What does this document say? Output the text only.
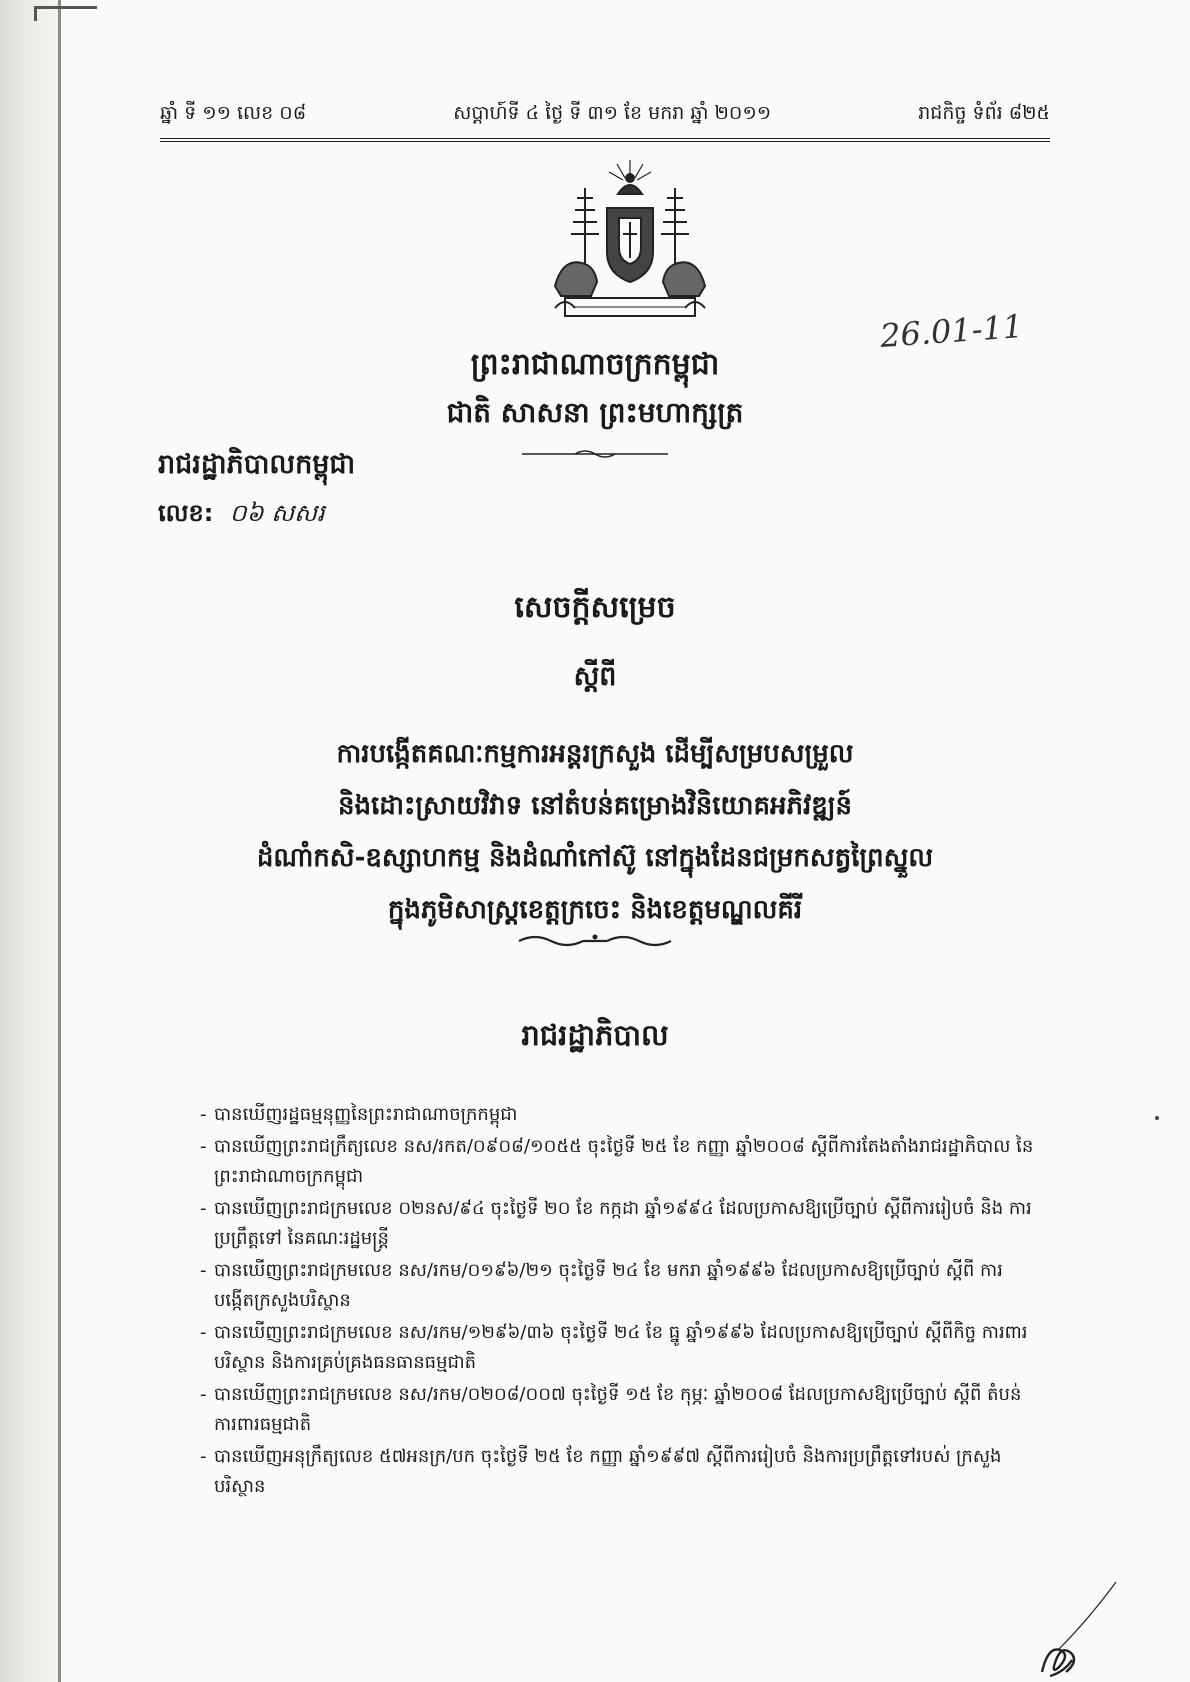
ឆ្នាំ ទី ១១ លេខ ០៨	សប្តាហ៍ទី ៤ ថ្ងៃ ទី ៣១ ខែ មករា ឆ្នាំ ២០១១	រាជកិច្ច ទំព័រ ៨២៥
26.01-11
ព្រះរាជាណាចក្រកម្ពុជា
ជាតិ សាសនា ព្រះមហាក្សត្រ
រាជរដ្ឋាភិបាលកម្ពុជា
លេខ: ០៦ សសរ
សេចក្តីសម្រេច
ស្តីពី
ការបង្កើតគណៈកម្មការអន្តរក្រសួង ដើម្បីសម្របសម្រួល
និងដោះស្រាយវិវាទ នៅតំបន់គម្រោងវិនិយោគអភិវឌ្ឍន៍
ដំណាំកសិ-ឧស្សាហកម្ម និងដំណាំកៅស៊ូ នៅក្នុងដែនជម្រកសត្វព្រៃស្នួល
ក្នុងភូមិសាស្ត្រខេត្តក្រចេះ និងខេត្តមណ្ឌលគីរី
រាជរដ្ឋាភិបាល
- បានឃើញរដ្ឋធម្មនុញ្ញនៃព្រះរាជាណាចក្រកម្ពុជា
- បានឃើញព្រះរាជក្រឹត្យលេខ នស/រកត/០៩០៨/១០៥៥ ចុះថ្ងៃទី ២៥ ខែ កញ្ញា ឆ្នាំ២០០៨ ស្តីពីការតែងតាំងរាជរដ្ឋាភិបាល នៃព្រះរាជាណាចក្រកម្ពុជា
- បានឃើញព្រះរាជក្រមលេខ ០២នស/៩៤ ចុះថ្ងៃទី ២០ ខែ កក្កដា ឆ្នាំ១៩៩៤ ដែលប្រកាសឱ្យប្រើច្បាប់ ស្តីពីការរៀបចំ និង ការប្រព្រឹត្តទៅ នៃគណៈរដ្ឋមន្ត្រី
- បានឃើញព្រះរាជក្រមលេខ នស/រកម/០១៩៦/២១ ចុះថ្ងៃទី ២៤ ខែ មករា ឆ្នាំ១៩៩៦ ដែលប្រកាសឱ្យប្រើច្បាប់ ស្តីពី ការបង្កើតក្រសួងបរិស្ថាន
- បានឃើញព្រះរាជក្រមលេខ នស/រកម/១២៩៦/៣៦ ចុះថ្ងៃទី ២៤ ខែ ធ្នូ ឆ្នាំ១៩៩៦ ដែលប្រកាសឱ្យប្រើច្បាប់ ស្តីពីកិច្ច ការពារបរិស្ថាន និងការគ្រប់គ្រងធនធានធម្មជាតិ
- បានឃើញព្រះរាជក្រមលេខ នស/រកម/០២០៨/០០៧ ចុះថ្ងៃទី ១៥ ខែ កុម្ភៈ ឆ្នាំ២០០៨ ដែលប្រកាសឱ្យប្រើច្បាប់ ស្តីពី តំបន់ការពារធម្មជាតិ
- បានឃើញអនុក្រឹត្យលេខ ៥៧អនក្រ/បក ចុះថ្ងៃទី ២៥ ខែ កញ្ញា ឆ្នាំ១៩៩៧ ស្តីពីការរៀបចំ និងការប្រព្រឹត្តទៅរបស់ ក្រសួងបរិស្ថាន
